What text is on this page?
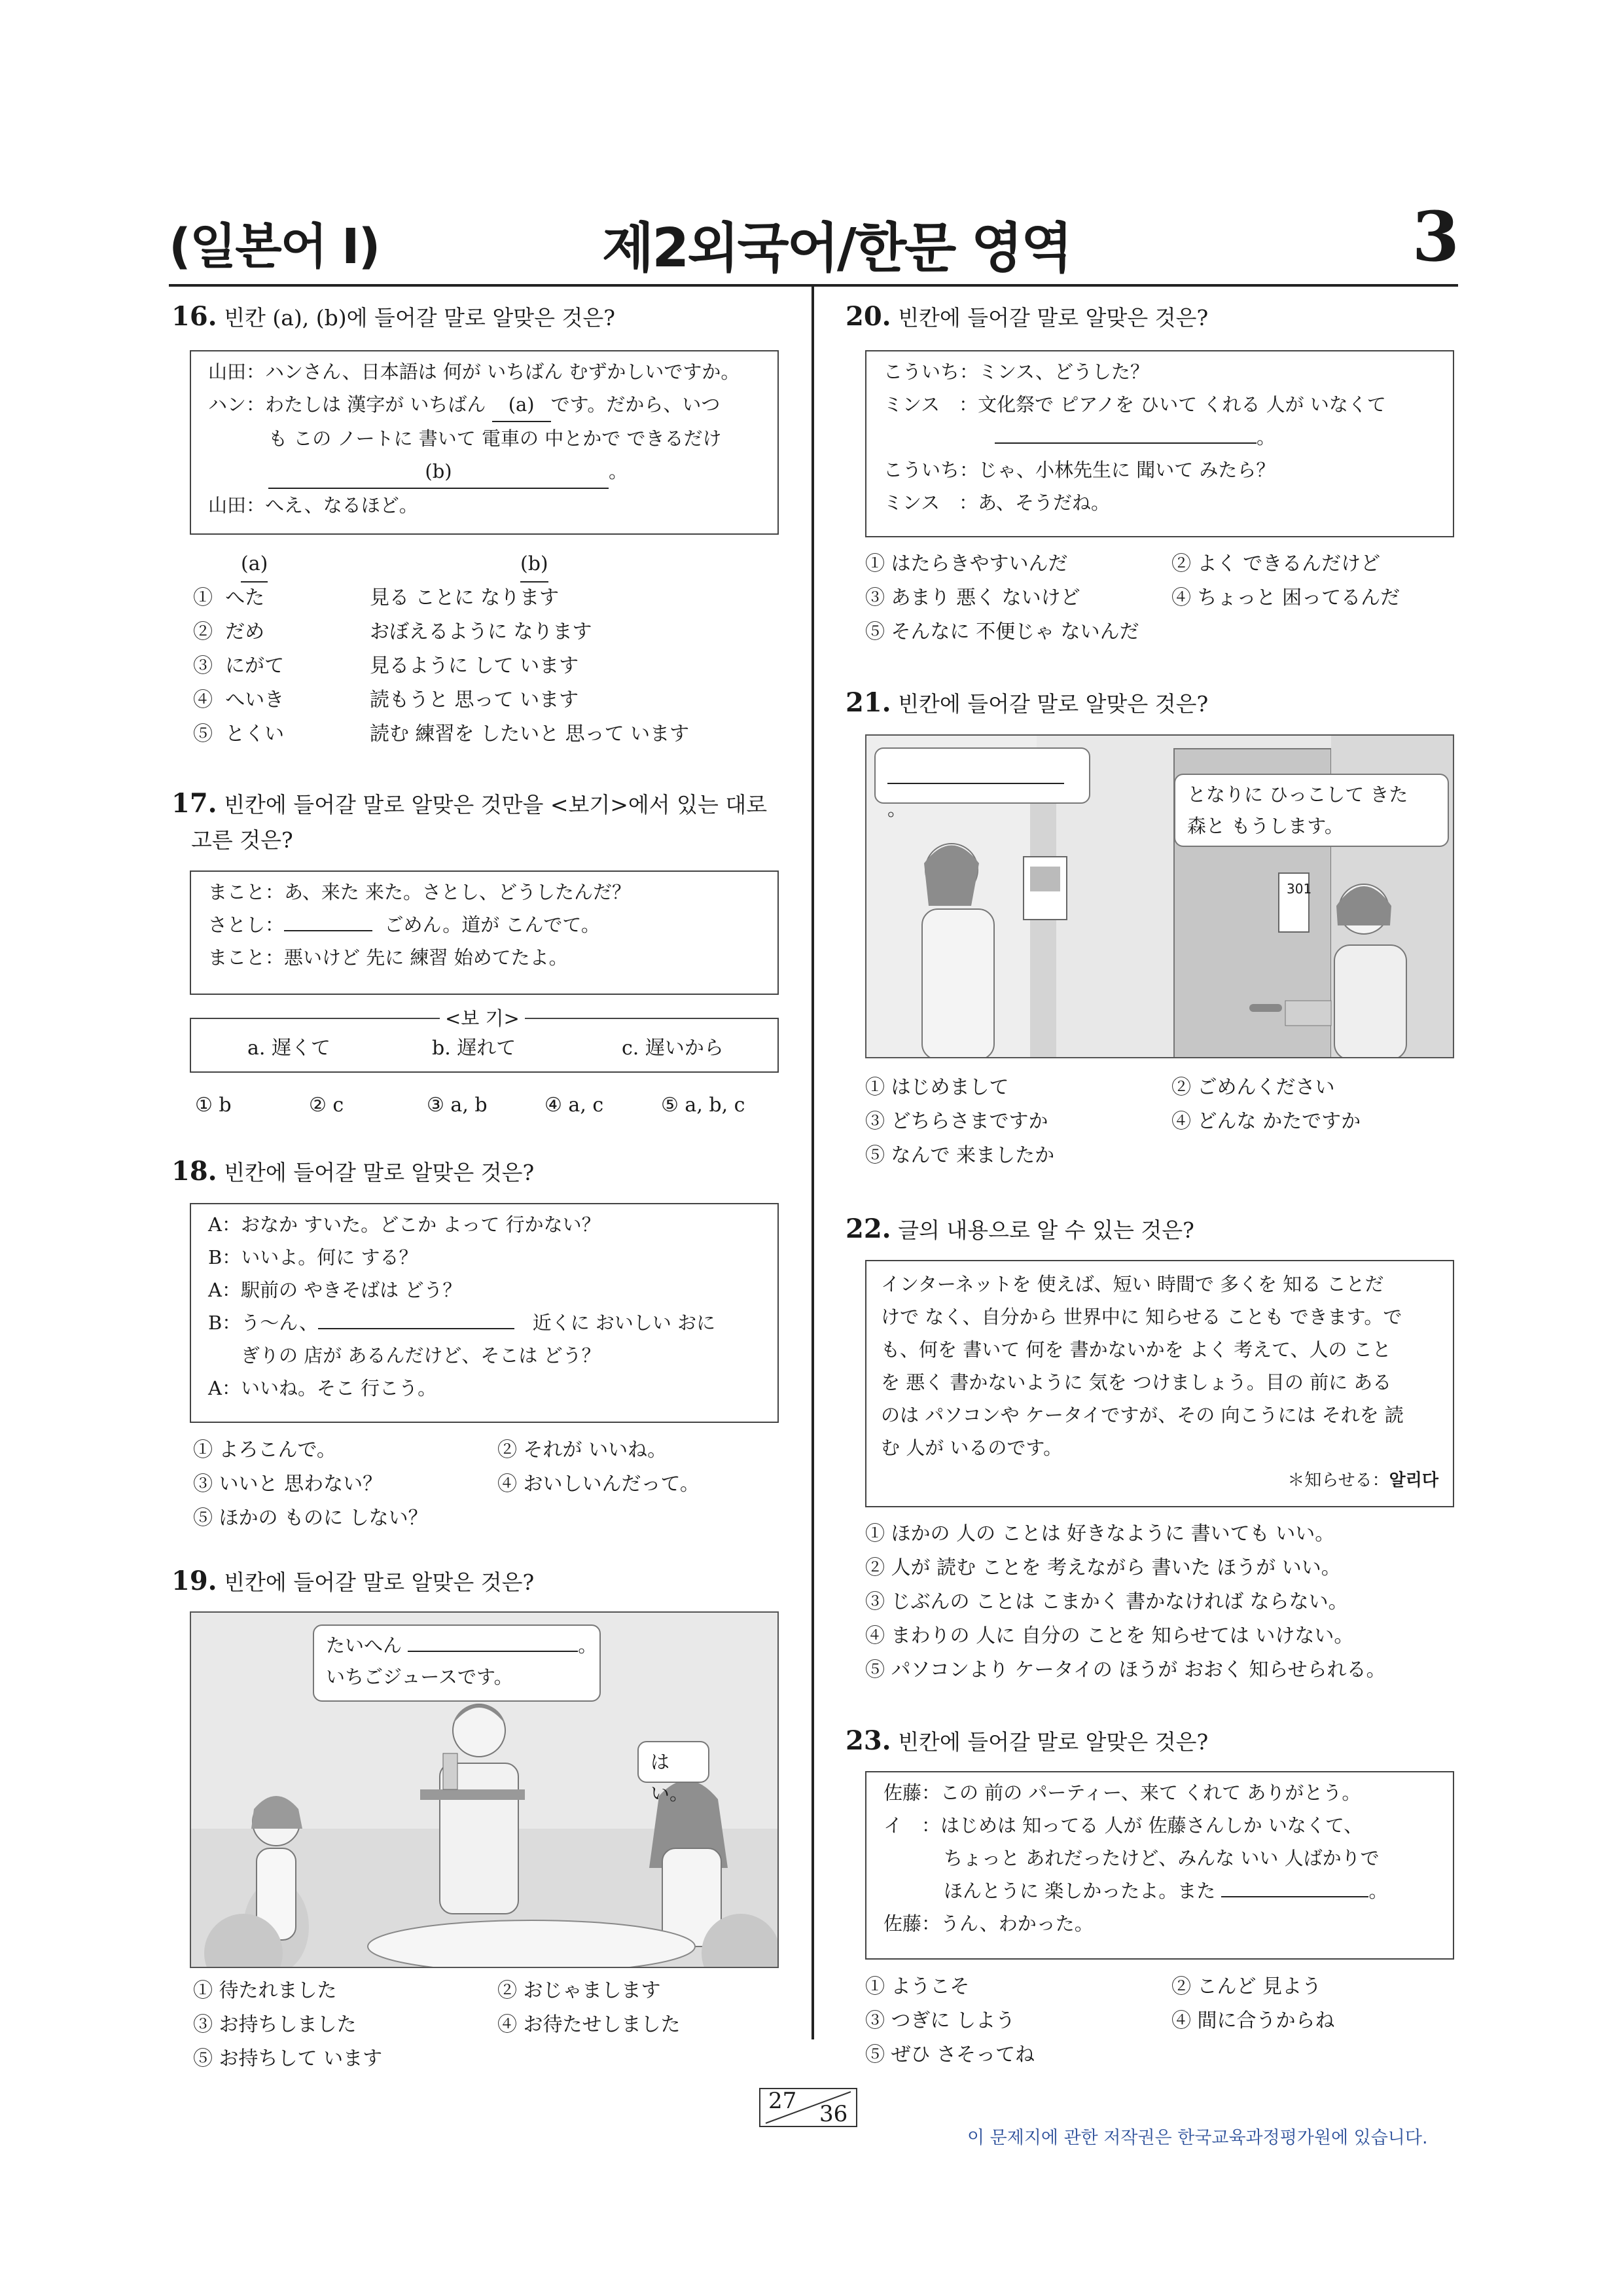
(일본어 I)	제2외국어/한문 영역	3
16. 빈칸 (a), (b)에 들어갈 말로 알맞은 것은?
山田：ハンさん、日本語は 何が いちばん むずかしいですか。
ハン：わたしは 漢字が いちばん (a) です。だから、いつ
も この ノートに 書いて 電車の 中とかで できるだけ
(b)	。
山田：へえ、なるほど。
(a)	(b)
① へた	見る ことに なります
② だめ	おぼえるように なります
③ にがて	見るように して います
④ へいき	読もうと 思って います
⑤ とくい	読む 練習を したいと 思って います
17. 빈칸에 들어갈 말로 알맞은 것만을 <보기>에서 있는 대로
고른 것은?
まこと：あ、来た 来た。さとし、どうしたんだ？
さとし：	ごめん。道が こんでて。
まこと：悪いけど 先に 練習 始めてたよ。
<보 기>
a. 遅くて	b. 遅れて	c. 遅いから
① b	② c	③ a, b	④ a, c	⑤ a, b, c
18. 빈칸에 들어갈 말로 알맞은 것은?
A：おなか すいた。どこか よって 行かない？
B：いいよ。何に する？
A：駅前の やきそばは どう？
B：う～ん、	近くに おいしい おに
ぎりの 店が あるんだけど、そこは どう？
A：いいね。そこ 行こう。
① よろこんで。	② それが いいね。
③ いいと 思わない？	④ おいしいんだって。
⑤ ほかの ものに しない？
19. 빈칸에 들어갈 말로 알맞은 것은?
たいへん	。
いちごジュースです。
はい。
① 待たれました	② おじゃまします
③ お持ちしました	④ お待たせしました
⑤ お持ちして います
20. 빈칸에 들어갈 말로 알맞은 것은?
こういち：ミンス、どうした？
ミンス　：文化祭で ピアノを ひいて くれる 人が いなくて
。
こういち：じゃ、小林先生に 聞いて みたら？
ミンス　：あ、そうだね。
① はたらきやすいんだ	② よく できるんだけど
③ あまり 悪く ないけど	④ ちょっと 困ってるんだ
⑤ そんなに 不便じゃ ないんだ
21. 빈칸에 들어갈 말로 알맞은 것은?
301
。
となりに ひっこして きた
森と もうします。
① はじめまして	② ごめんください
③ どちらさまですか	④ どんな かたですか
⑤ なんで 来ましたか
22. 글의 내용으로 알 수 있는 것은?
インターネットを 使えば、短い 時間で 多くを 知る ことだ
けで なく、自分から 世界中に 知らせる ことも できます。で
も、何を 書いて 何を 書かないかを よく 考えて、人の こと
を 悪く 書かないように 気を つけましょう。目の 前に ある
のは パソコンや ケータイですが、その 向こうには それを 読
む 人が いるのです。
＊知らせる：알리다
① ほかの 人の ことは 好きなように 書いても いい。
② 人が 読む ことを 考えながら 書いた ほうが いい。
③ じぶんの ことは こまかく 書かなければ ならない。
④ まわりの 人に 自分の ことを 知らせては いけない。
⑤ パソコンより ケータイの ほうが おおく 知らせられる。
23. 빈칸에 들어갈 말로 알맞은 것은?
佐藤：この 前の パーティー、来て くれて ありがとう。
イ　：はじめは 知ってる 人が 佐藤さんしか いなくて、
ちょっと あれだったけど、みんな いい 人ばかりで
ほんとうに 楽しかったよ。また	。
佐藤：うん、わかった。
① ようこそ	② こんど 見よう
③ つぎに しよう	④ 間に合うからね
⑤ ぜひ さそってね
27 36
이 문제지에 관한 저작권은 한국교육과정평가원에 있습니다.
